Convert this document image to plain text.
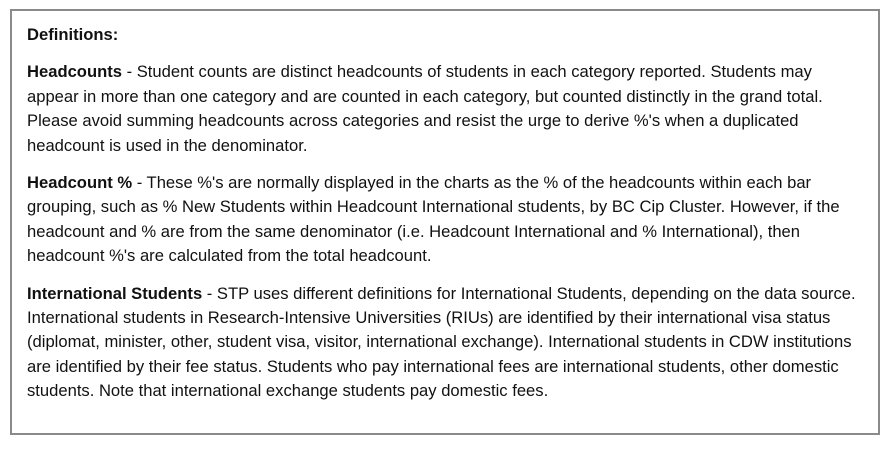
Definitions:

Headcounts - Student counts are distinct headcounts of students in each category reported. Students may appear in more than one category and are counted in each category, but counted distinctly in the grand total. Please avoid summing headcounts across categories and resist the urge to derive %'s when a duplicated headcount is used in the denominator.

Headcount % - These %'s are normally displayed in the charts as the % of the headcounts within each bar grouping, such as % New Students within Headcount International students, by BC Cip Cluster. However, if the headcount and % are from the same denominator (i.e. Headcount International and % International), then headcount %'s are calculated from the total headcount.

International Students - STP uses different definitions for International Students, depending on the data source. International students in Research-Intensive Universities (RIUs) are identified by their international visa status (diplomat, minister, other, student visa, visitor, international exchange). International students in CDW institutions are identified by their fee status. Students who pay international fees are international students, other domestic students. Note that international exchange students pay domestic fees.
